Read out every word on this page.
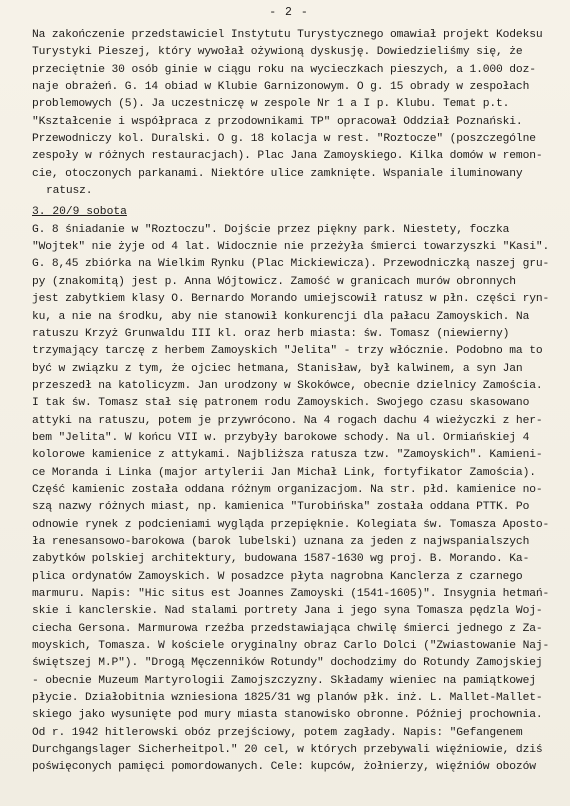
- 2 -
Na zakończenie przedstawiciel Instytutu Turystycznego omawiał projekt Kodeksu
Turystyki Pieszej, który wywołał ożywioną dyskusję. Dowiedzieliśmy się, że
przeciętnie 30 osób ginie w ciągu roku na wycieczkach pieszych, a 1.000 doz-
naje obrażeń. G. 14 obiad w Klubie Garnizonowym. O g. 15 obrady w zespołach
problemowych (5). Ja uczestniczę w zespole Nr 1 a I p. Klubu. Temat p.t.
"Kształcenie i współpraca z przodownikami TP" opracował Oddział Poznański.
Przewodniczy kol. Duralski. O g. 18 kolacja w rest. "Roztocze" (poszczególne
zespoły w różnych restauracjach). Plac Jana Zamoyskiego. Kilka domów w remon-
cie, otoczonych parkanami. Niektóre ulice zamknięte. Wspaniale iluminowany
ratusz.
3. 20/9 sobota
G. 8 śniadanie w "Roztoczu". Dojście przez piękny park. Niestety, foczka
"Wojtek" nie żyje od 4 lat. Widocznie nie przeżyła śmierci towarzyszki "Kasi".
G. 8,45 zbiórka na Wielkim Rynku (Plac Mickiewicza). Przewodniczką naszej gru-
py (znakomitą) jest p. Anna Wójtowicz. Zamość w granicach murów obronnych
jest zabytkiem klasy O. Bernardo Morando umiejscowił ratusz w płn. części ryn-
ku, a nie na środku, aby nie stanowił konkurencji dla pałacu Zamoyskich. Na
ratuszu Krzyż Grunwaldu III kl. oraz herb miasta: św. Tomasz (niewierny)
trzymający tarczę z herbem Zamoyskich "Jelita" - trzy włócznie. Podobno ma to
być w związku z tym, że ojciec hetmana, Stanisław, był kalwinem, a syn Jan
przeszedł na katolicyzm. Jan urodzony w Skokówce, obecnie dzielnicy Zamościa.
I tak św. Tomasz stał się patronem rodu Zamoyskich. Swojego czasu skasowano
attyki na ratuszu, potem je przywrócono. Na 4 rogach dachu 4 wieżyczki z her-
bem "Jelita". W końcu VII w. przybyły barokowe schody. Na ul. Ormiańskiej 4
kolorowe kamienice z attykami. Najbliższa ratusza tzw. "Zamoyskich". Kamieni-
ce Moranda i Linka (major artylerii Jan Michał Link, fortyfikator Zamościa).
Część kamienic została oddana różnym organizacjom. Na str. płd. kamienice no-
szą nazwy różnych miast, np. kamienica "Turobińska" została oddana PTTK. Po
odnowie rynek z podcieniami wygląda przepięknie. Kolegiata św. Tomasza Aposto-
ła renesansowo-barokowa (barok lubelski) uznana za jeden z najwspanialszych
zabytków polskiej architektury, budowana 1587-1630 wg proj. B. Morando. Ka-
plica ordynatów Zamoyskich. W posadzce płyta nagrobna Kanclerza z czarnego
marmuru. Napis: "Hic situs est Joannes Zamoyski (1541-1605)". Insygnia hetmań-
skie i kanclerskie. Nad stalami portrety Jana i jego syna Tomasza pędzla Woj-
ciecha Gersona. Marmurowa rzeźba przedstawiająca chwilę śmierci jednego z Za-
moyskich, Tomasza. W kościele oryginalny obraz Carlo Dolci ("Zwiastowanie Naj-
świętszej M.P"). "Drogą Męczenników Rotundy" dochodzimy do Rotundy Zamojskiej
- obecnie Muzeum Martyrologii Zamojszczyzny. Składamy wieniec na pamiątkowej
płycie. Działobitnia wzniesiona 1825/31 wg planów płk. inż. L. Mallet-Mallet-
skiego jako wysunięte pod mury miasta stanowisko obronne. Później prochownia.
Od r. 1942 hitlerowski obóz przejściowy, potem zagłady. Napis: "Gefangenem
Durchgangslager Sicherheitpol." 20 cel, w których przebywali więźniowie, dziś
poświęconych pamięci pomordowanych. Cele: kupców, żołnierzy, więźniów obozów
